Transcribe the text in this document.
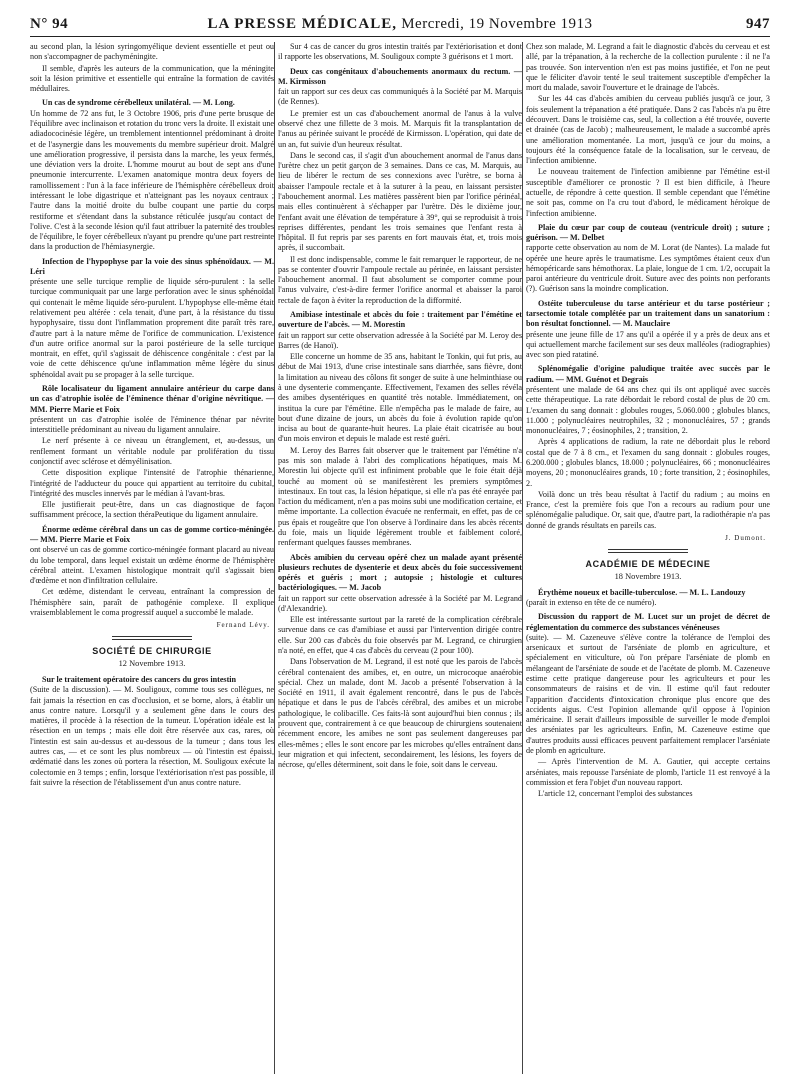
N° 94	LA PRESSE MÉDICALE, Mercredi, 19 Novembre 1913	947

au second plan, la lésion syringomyélique devient essentielle et peut ou non s'accompagner de pachyméningite.

Il semble, d'après les auteurs de la communication, que la méningite soit la lésion primitive et essentielle qui entraîne la formation de cavités médullaires.

Un cas de syndrome cérébelleux unilatéral. — M. Long.

Un homme de 72 ans fut, le 3 Octobre 1906, pris d'une perte brusque de l'équilibre avec inclinaison et rotation du tronc vers la droite. Il existait une adiadococinésie légère, un tremblement intentionnel prédominant à droite et de l'asynergie dans les mouvements du membre supérieur droit. Malgré une amélioration progressive, il persista dans la marche, les yeux fermés, une déviation vers la droite. L'homme mourut au bout de sept ans d'une pneumonie intercurrente. L'examen anatomique montra deux foyers de ramollissement : l'un à la face inférieure de l'hémisphère cérébelleux droit intéressant le lobe digastrique et n'atteignant pas les noyaux centraux ; l'autre dans la moitié droite du bulbe coupant une partie du corps restiforme et s'étendant dans la substance réticulée jusqu'au contact de l'olive. C'est à la seconde lésion qu'il faut attribuer la paternité des troubles de l'équilibre, le foyer cérébelleux n'ayant pu prendre qu'une part restreinte dans la production de l'hémiasynergie.

Infection de l'hypophyse par la voie des sinus sphénoïdaux. — M. Léri

présente une selle turcique remplie de liquide séro-purulent : la selle turcique communiquait par une large perforation avec le sinus sphénoïdal qui contenait le même liquide séro-purulent. L'hypophyse elle-même était relativement peu altérée : cela tenait, d'une part, à la résistance du tissu hypophysaire, tissu dont l'inflammation proprement dite paraît très rare, d'autre part à la nature même de l'orifice de communication. L'existence d'un autre orifice anormal sur la paroi postérieure de la selle turcique montrait, en effet, qu'il s'agissait de déhiscence congénitale : c'est par la voie de cette déhiscence qu'une inflammation même légère du sinus sphénoïdal avait pu se propager à la selle turcique.

Rôle localisateur du ligament annulaire antérieur du carpe dans un cas d'atrophie isolée de l'éminence thénar d'origine névritique. — MM. Pierre Marie et Foix

présentent un cas d'atrophie isolée de l'éminence thénar par névrite interstitielle prédominant au niveau du ligament annulaire.

Le nerf présente à ce niveau un étranglement, et, au-dessus, un renflement formant un véritable nodule par prolifération du tissu conjonctif avec sclérose et démyélinisation.

Cette disposition explique l'intensité de l'atrophie thénarienne, l'intégrité de l'adducteur du pouce qui appartient au territoire du cubital, l'intégrité des muscles innervés par le médian à l'avant-bras.

Elle justifierait peut-être, dans un cas diagnostique de façon suffisamment précoce, la section théraPeutique du ligament annulaire.

Énorme œdème cérébral dans un cas de gomme cortico-méningée. — MM. Pierre Marie et Foix

ont observé un cas de gomme cortico-méningée formant placard au niveau du lobe temporal, dans lequel existait un œdème énorme de l'hémisphère cérébral atteint. L'examen histologique montrait qu'il s'agissait bien d'œdème et non d'infiltration cellulaire.

Cet œdème, distendant le cerveau, entraînant la compression de l'hémisphère sain, paraît de pathogénie complexe. Il explique vraisemblablement le coma progressif auquel a succombé le malade.

Fernand Lévy.

SOCIÉTÉ DE CHIRURGIE
12 Novembre 1913.
Sur le traitement opératoire des cancers du gros intestin

(Suite de la discussion). — M. Souligoux, comme tous ses collègues, ne fait jamais la résection en cas d'occlusion, et se borne, alors, à établir un anus contre nature. Lorsqu'il y a seulement gêne dans le cours des matières, il procède à la résection de la tumeur. L'opération idéale est la résection en un temps ; mais elle doit être réservée aux cas, rares, où l'intestin est sain au-dessus et au-dessous de la tumeur ; dans tous les autres cas, — et ce sont les plus nombreux — où l'intestin est épaissi, œdématié dans les zones où portera la résection, M. Souligoux exécute la colectomie en 3 temps ; enfin, lorsque l'extériorisation n'est pas possible, il fait suivre la résection de l'établissement d'un anus contre nature.

Sur 4 cas de cancer du gros intestin traités par l'extériorisation et dont il rapporte les observations, M. Souligoux compte 3 guérisons et 1 mort.

Deux cas congénitaux d'abouchements anormaux du rectum. — M. Kirmisson

fait un rapport sur ces deux cas communiqués à la Société par M. Marquis (de Rennes).

Le premier est un cas d'abouchement anormal de l'anus à la vulve observé chez une fillette de 3 mois. M. Marquis fit la transplantation de l'anus au périnée suivant le procédé de Kirmisson. L'opération, qui date de un an, fut suivie d'un heureux résultat.

Dans le second cas, il s'agit d'un abouchement anormal de l'anus dans l'urètre chez un petit garçon de 3 semaines. Dans ce cas, M. Marquis, au lieu de libérer le rectum de ses connexions avec l'urètre, se borna à abaisser l'ampoule rectale et à la suturer à la peau, en laissant persister l'abouchement anormal. Les matières passèrent bien par l'orifice périnéal, mais elles continuèrent à s'échapper par l'urètre. Dès le dixième jour, l'enfant avait une élévation de température à 39°, qui se reproduisit à trois reprises différentes, pendant les trois semaines que l'enfant resta à l'hôpital. Il fut repris par ses parents en fort mauvais état, et, trois mois après, il succombait.

Il est donc indispensable, comme le fait remarquer le rapporteur, de ne pas se contenter d'ouvrir l'ampoule rectale au périnée, en laissant persister l'abouchement anormal. Il faut absolument se comporter comme pour l'anus vulvaire, c'est-à-dire fermer l'orifice anormal et abaisser la paroi rectale de façon à éviter la reproduction de la difformité.

Amibiase intestinale et abcès du foie : traitement par l'émétine et ouverture de l'abcès. — M. Morestin

fait un rapport sur cette observation adressée à la Société par M. Leroy des Barres (de Hanoï).

Elle concerne un homme de 35 ans, habitant le Tonkin, qui fut pris, au début de Mai 1913, d'une crise intestinale sans diarrhée, sans fièvre, dont la limitation au niveau des côlons fit songer de suite à une helminthiase ou à une dysenterie commençante. Effectivement, l'examen des selles révéla des amibes dysentériques en quantité très notable. Immédiatement, on institua la cure par l'émétine. Elle n'empêcha pas le malade de faire, au bout d'une dizaine de jours, un abcès du foie à évolution rapide qu'on incisa au bout de quarante-huit heures. La plaie était cicatrisée au bout d'un mois environ et depuis le malade est resté guéri.

M. Leroy des Barres fait observer que le traitement par l'émétine n'a pas mis son malade à l'abri des complications hépatiques, mais M. Morestin lui objecte qu'il est infiniment probable que le foie était déjà touché au moment où se manifestèrent les premiers symptômes intestinaux. En tout cas, la lésion hépatique, si elle n'a pas été enrayée par l'action du médicament, n'en a pas moins subi une modification certaine, et même importante. La collection évacuée ne renfermait, en effet, pas de ce pus épais et rougeâtre que l'on observe à l'ordinaire dans les abcès récents du foie, mais un liquide légèrement trouble et faiblement coloré, renfermant quelques fausses membranes.

Abcès amibien du cerveau opéré chez un malade ayant présenté plusieurs rechutes de dysenterie et deux abcès du foie successivement opérés et guéris ; mort ; autopsie ; histologie et cultures bactériologiques. — M. Jacob

fait un rapport sur cette observation adressée à la Société par M. Legrand (d'Alexandrie).

Elle est intéressante surtout par la rareté de la complication cérébrale survenue dans ce cas d'amibiase et aussi par l'intervention dirigée contre elle. Sur 200 cas d'abcès du foie observés par M. Legrand, ce chirurgien n'a noté, en effet, que 4 cas d'abcès du cerveau (2 pour 100).

Dans l'observation de M. Legrand, il est noté que les parois de l'abcès cérébral contenaient des amibes, et, en outre, un microcoque anaérobie spécial. Chez un malade, dont M. Jacob a présenté l'observation à la Société en 1911, il avait également rencontré, dans le pus de l'abcès hépatique et dans le pus de l'abcès cérébral, des amibes et un microbe pathologique, le colibacille. Ces faits-là sont aujourd'hui bien connus ; ils prouvent que, contrairement à ce que beaucoup de chirurgiens soutenaient récemment encore, les amibes ne sont pas seulement dangereuses par elles-mêmes ; elles le sont encore par les microbes qu'elles entraînent dans leur migration et qui infectent, secondairement, les lésions, les foyers de nécrose, qu'elles déterminent, soit dans le foie, soit dans le cerveau.

Chez son malade, M. Legrand a fait le diagnostic d'abcès du cerveau et est allé, par la trépanation, à la recherche de la collection purulente : il ne l'a pas trouvée. Son intervention n'en est pas moins justifiée, et l'on ne peut que le féliciter d'avoir tenté le seul traitement susceptible d'empêcher la mort du malade, savoir l'ouverture et le drainage de l'abcès.

Sur les 44 cas d'abcès amibien du cerveau publiés jusqu'à ce jour, 3 fois seulement la trépanation a été pratiquée. Dans 2 cas l'abcès n'a pu être découvert. Dans le troisième cas, seul, la collection a été trouvée, ouverte et drainée (cas de Jacob) ; malheureusement, le malade a succombé après une amélioration momentanée. La mort, jusqu'à ce jour du moins, a toujours été la conséquence fatale de la localisation, sur le cerveau, de l'infection amibienne.

Le nouveau traitement de l'infection amibienne par l'émétine est-il susceptible d'améliorer ce pronostic ? Il est bien difficile, à l'heure actuelle, de répondre à cette question. Il semble cependant que l'émétine ne soit pas, comme on l'a cru tout d'abord, le médicament héroïque de l'infection amibienne.

Plaie du cœur par coup de couteau (ventricule droit) ; suture ; guérison. — M. Delbet

rapporte cette observation au nom de M. Lorat (de Nantes). La malade fut opérée une heure après le traumatisme. Les symptômes étaient ceux d'un hémopéricarde sans hémothorax. La plaie, longue de 1 cm. 1/2, occupait la paroi antérieure du ventricule droit. Suture avec des points non perforants (?). Guérison sans la moindre complication.

Ostéite tuberculeuse du tarse antérieur et du tarse postérieur ; tarsectomie totale complétée par un traitement dans un sanatorium : bon résultat fonctionnel. — M. Mauclaire

présente une jeune fille de 17 ans qu'il a opérée il y a près de deux ans et qui actuellement marche facilement sur ses deux malléoles (radiographies) avec son pied ratatiné.

Splénomégalie d'origine paludique traitée avec succès par le radium. — MM. Guénot et Degrais

présentent une malade de 64 ans chez qui ils ont appliqué avec succès cette thérapeutique. La rate débordait le rebord costal de plus de 20 cm. L'examen du sang donnait : globules rouges, 5.060.000 ; globules blancs, 11.000 ; polynucléaires neutrophiles, 32 ; mononucléaires, 57 ; grands mononucléaires, 7 ; éosinophiles, 2 ; transition, 2.

Après 4 applications de radium, la rate ne débordait plus le rebord costal que de 7 à 8 cm., et l'examen du sang donnait : globules rouges, 6.200.000 ; globules blancs, 18.000 ; polynucléaires, 66 ; mononucléaires moyens, 20 ; mononucléaires grands, 10 ; forte transition, 2 ; éosinophiles, 2.

Voilà donc un très beau résultat à l'actif du radium ; au moins en France, c'est la première fois que l'on a recours au radium pour une splénomégalie paludique. Or, sait que, d'autre part, la radiothérapie n'a pas donné de grands résultats en pareils cas.

J. Dumont.

ACADÉMIE DE MÉDECINE
18 Novembre 1913.
Érythème noueux et bacille-tuberculose. — M. L. Landouzy

(paraît in extenso en tête de ce numéro).

Discussion du rapport de M. Lucet sur un projet de décret de réglementation du commerce des substances vénéneuses

(suite). — M. Cazeneuve s'élève contre la tolérance de l'emploi des arsenicaux et surtout de l'arséniate de plomb en agriculture, et spécialement en viticulture, où l'on prépare l'arséniate de plomb en mélangeant de l'arséniate de soude et de l'acétate de plomb. M. Cazeneuve estime cette pratique dangereuse pour les agriculteurs et pour les consommateurs de raisins et de vin. Il estime qu'il faut redouter l'apparition d'accidents d'intoxication chronique plus encore que des accidents aigus. C'est l'opinion allemande qu'il oppose à l'opinion américaine. Il serait d'ailleurs impossible de surveiller le mode d'emploi des arséniates par les agriculteurs. Enfin, M. Cazeneuve estime que d'autres produits aussi efficaces peuvent parfaitement remplacer l'arséniate de plomb en agriculture.

— Après l'intervention de M. A. Gautier, qui accepte certains arséniates, mais repousse l'arséniate de plomb, l'article 11 est renvoyé à la commission et fera l'objet d'un nouveau rapport.

L'article 12, concernant l'emploi des substances
